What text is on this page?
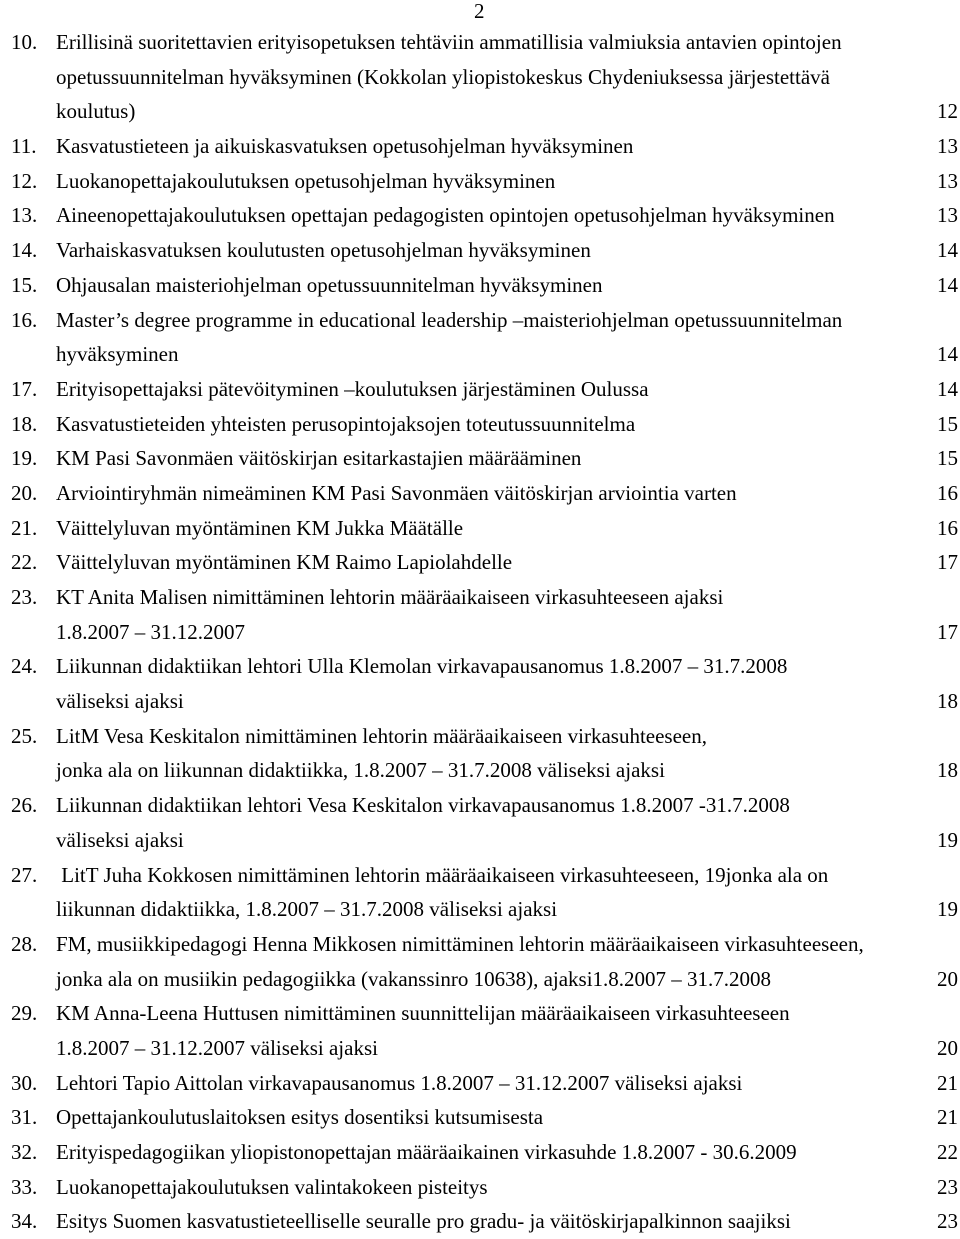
2
10. Erillisinä suoritettavien erityisopetuksen tehtäviin ammatillisia valmiuksia antavien opintojen
opetussuunnitelman hyväksyminen (Kokkolan yliopistokeskus Chydeniuksessa järjestettävä
koulutus)	12
11. Kasvatustieteen ja aikuiskasvatuksen opetusohjelman hyväksyminen	13
12. Luokanopettajakoulutuksen opetusohjelman hyväksyminen	13
13. Aineenopettajakoulutuksen opettajan pedagogisten opintojen opetusohjelman hyväksyminen	13
14. Varhaiskasvatuksen koulutusten opetusohjelman hyväksyminen	14
15. Ohjausalan maisteriohjelman opetussuunnitelman hyväksyminen	14
16. Master’s degree programme in educational leadership –maisteriohjelman opetussuunnitelman
hyväksyminen	14
17. Erityisopettajaksi pätevöityminen –koulutuksen järjestäminen Oulussa	14
18. Kasvatustieteiden yhteisten perusopintojaksojen toteutussuunnitelma	15
19. KM Pasi Savonmäen väitöskirjan esitarkastajien määrääminen	15
20. Arviointiryhmän nimeäminen KM Pasi Savonmäen väitöskirjan arviointia varten	16
21. Väittelyluvan myöntäminen KM Jukka Määtälle	16
22. Väittelyluvan myöntäminen KM Raimo Lapiolahdelle	17
23. KT Anita Malisen nimittäminen lehtorin määräaikaiseen virkasuhteeseen ajaksi
1.8.2007 – 31.12.2007	17
24. Liikunnan didaktiikan lehtori Ulla Klemolan virkavapausanomus 1.8.2007 – 31.7.2008
väliseksi ajaksi	18
25. LitM Vesa Keskitalon nimittäminen lehtorin määräaikaiseen virkasuhteeseen,
jonka ala on liikunnan didaktiikka, 1.8.2007 – 31.7.2008 väliseksi ajaksi	18
26. Liikunnan didaktiikan lehtori Vesa Keskitalon virkavapausanomus 1.8.2007 -31.7.2008
väliseksi ajaksi	19
27. LitT Juha Kokkosen nimittäminen lehtorin määräaikaiseen virkasuhteeseen, 19jonka ala on
liikunnan didaktiikka, 1.8.2007 – 31.7.2008 väliseksi ajaksi	19
28. FM, musiikkipedagogi Henna Mikkosen nimittäminen lehtorin määräaikaiseen virkasuhteeseen,
jonka ala on musiikin pedagogiikka (vakanssinro 10638), ajaksi1.8.2007 – 31.7.2008	20
29. KM Anna-Leena Huttusen nimittäminen suunnittelijan määräaikaiseen virkasuhteeseen
1.8.2007 – 31.12.2007 väliseksi ajaksi	20
30. Lehtori Tapio Aittolan virkavapausanomus 1.8.2007 – 31.12.2007 väliseksi ajaksi	21
31. Opettajankoulutuslaitoksen esitys dosentiksi kutsumisesta	21
32. Erityispedagogiikan yliopistonopettajan määräaikainen virkasuhde 1.8.2007 - 30.6.2009	22
33. Luokanopettajakoulutuksen valintakokeen pisteitys	23
34. Esitys Suomen kasvatustieteelliselle seuralle pro gradu- ja väitöskirjapalkinnon saajiksi	23
